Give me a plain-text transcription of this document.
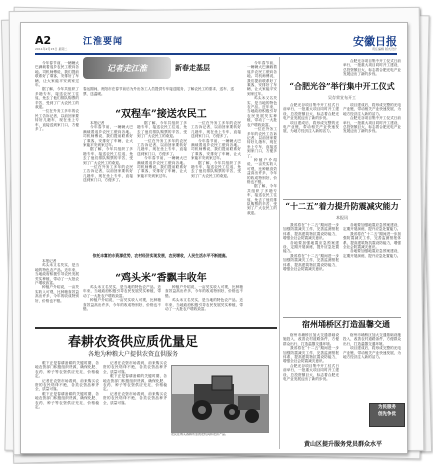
A2	江淮要闻	安徽日报
2011年2月15日 星期二	责任编辑 版式设计
记者走江淮	新春走基层
春运期间，贵阳市在春节前后为外出务工人员提供专车接送服务，了解农民工的需求，送车、送票、送温暖。
“双程车”接送农民工
今年春节前，一辆辆大巴满载着返乡农民工驶向各地。司机师傅说，我们提前联系好了乘客，安排好了车辆，让大家能平安到家过年。
据了解，今年共组织了多趟专车，接送农民工往返，免去了他们排队购票的辛苦，受到了广大农民工的欢迎。
一位在外务工多年的农民工告诉记者，以前回家要转好几趟车，现在坐上专车，直接送到家门口，方便多了。
本报记者
今年春节前，一辆辆大巴满载着返乡农民工驶向各地。司机师傅说，我们提前联系好了乘客，安排好了车辆，让大家能平安到家过年。
据了解，今年共组织了多趟专车，接送农民工往返，免去了他们排队购票的辛苦，受到了广大农民工的欢迎。
一位在外务工多年的农民工告诉记者，以前回家要转好几趟车，现在坐上专车，直接送到家门口，方便多了。
据了解，今年共组织了多趟专车，接送农民工往返，免去了他们排队购票的辛苦，受到了广大农民工的欢迎。
一位在外务工多年的农民工告诉记者，以前回家要转好几趟车，现在坐上专车，直接送到家门口，方便多了。
今年春节前，一辆辆大巴满载着返乡农民工驶向各地。司机师傅说，我们提前联系好了乘客，安排好了车辆，让大家能平安到家过年。
一位在外务工多年的农民工告诉记者，以前回家要转好几趟车，现在坐上专车，直接送到家门口，方便多了。
今年春节前，一辆辆大巴满载着返乡农民工驶向各地。司机师傅说，我们提前联系好了乘客，安排好了车辆，让大家能平安到家过年。
据了解，今年共组织了多趟专车，接送农民工往返，免去了他们排队购票的辛苦，受到了广大农民工的欢迎。
今年春节前，一辆辆大巴满载着返乡农民工驶向各地。司机师傅说，我们提前联系好了乘客，安排好了车辆，让大家能平安到家过年。
鸡头米又名芡实，是当地的特色农产品。近年来，当地政府积极引导农民发展芡实种植，带动了一大批农户增收致富。
一位在外务工多年的农民工告诉记者，以前回家要转好几趟车，现在坐上专车，直接送到家门口，方便多了。
种植户介绍说，一亩芡实收入可观，比种粮食效益高出许多，今年的收成特别好，价格也不错。
据了解，今年共组织了多趟专车，接送农民工往返，免去了他们排队购票的辛苦，受到了广大农民工的欢迎。
依托丰富的水资源优势，农村经济实现发展，农民增收，人民生活水平不断提高。
“鸡头米”香飘丰收年
本报记者
鸡头米又名芡实，是当地的特色农产品。近年来，当地政府积极引导农民发展芡实种植，带动了一大批农户增收致富。
种植户介绍说，一亩芡实收入可观，比种粮食效益高出许多，今年的收成特别好，价格也不错。
鸡头米又名芡实，是当地的特色农产品。近年来，当地政府积极引导农民发展芡实种植，带动了一大批农户增收致富。
种植户介绍说，一亩芡实收入可观，比种粮食效益高出许多，今年的收成特别好，价格也不错。
种植户介绍说，一亩芡实收入可观，比种粮食效益高出许多，今年的收成特别好，价格也不错。
鸡头米又名芡实，是当地的特色农产品。近年来，当地政府积极引导农民发展芡实种植，带动了一大批农户增收致富。
春耕农资供应质优量足
各地为种粮大户提供农资直供服务
眼下正是春耕备耕的关键时期，各地农资部门积极组织货源，确保化肥、农药、种子等农资供应充足，价格稳定。
记者在农资市场看到，前来购买农资的农民络绎不绝，各类农资品种齐全，质量可靠。
眼下正是春耕备耕的关键时期，各地农资部门积极组织货源，确保化肥、农药、种子等农资供应充足，价格稳定。
记者在农资市场看到，前来购买农资的农民络绎不绝，各类农资品种齐全，质量可靠。
眼下正是春耕备耕的关键时期，各地农资部门积极组织货源，确保化肥、农药、种子等农资供应充足，价格稳定。
记者在农资市场看到，前来购买农资的农民络绎不绝，各类农资品种齐全，质量可靠。
农民在购买春耕所需的农机具和农资产品。
“合肥光谷”举行集中开工仪式
吴存荣宣布开工
合肥光谷项目集中开工仪式日前举行，一批重大项目同时开工建设，总投资额巨大，标志着合肥光电产业发展迈出了新的步伐。
项目建成后，将形成完整的光电产业链，带动相关产业快速发展，为地方经济注入新的活力。
项目建成后，将形成完整的光电产业链，带动相关产业快速发展，为地方经济注入新的活力。
合肥光谷项目集中开工仪式日前举行，一批重大项目同时开工建设，总投资额巨大，标志着合肥光电产业发展迈出了新的步伐。
合肥光谷项目集中开工仪式日前举行，一批重大项目同时开工建设，总投资额巨大，标志着合肥光电产业发展迈出了新的步伐。
“十二五”着力提升防震减灾能力
本报讯
我省将在“十二五”期间进一步加强防震减灾工作，完善监测预报体系，提高建筑物抗震设防能力，增强全社会防震减灾意识。
各地要加强地震应急预案建设，定期开展演练，提升应急处置能力。
我省将在“十二五”期间进一步加强防震减灾工作，完善监测预报体系，提高建筑物抗震设防能力，增强全社会防震减灾意识。
各地要加强地震应急预案建设，定期开展演练，提升应急处置能力。
我省将在“十二五”期间进一步加强防震减灾工作，完善监测预报体系，提高建筑物抗震设防能力，增强全社会防震减灾意识。
各地要加强地震应急预案建设，定期开展演练，提升应急处置能力。
宿州埇桥区打造温馨交通
宿州市埇桥区加大交通基础设施投入，改善农村道路条件，方便群众出行，打造温馨交通环境。
我省将在“十二五”期间进一步加强防震减灾工作，完善监测预报体系，提高建筑物抗震设防能力，增强全社会防震减灾意识。
合肥光谷项目集中开工仪式日前举行，一批重大项目同时开工建设，总投资额巨大，标志着合肥光电产业发展迈出了新的步伐。
宿州市埇桥区加大交通基础设施投入，改善农村道路条件，方便群众出行，打造温馨交通环境。
项目建成后，将形成完整的光电产业链，带动相关产业快速发展，为地方经济注入新的活力。
为民服务
创先争优
黄山区提升服务党员群众水平
